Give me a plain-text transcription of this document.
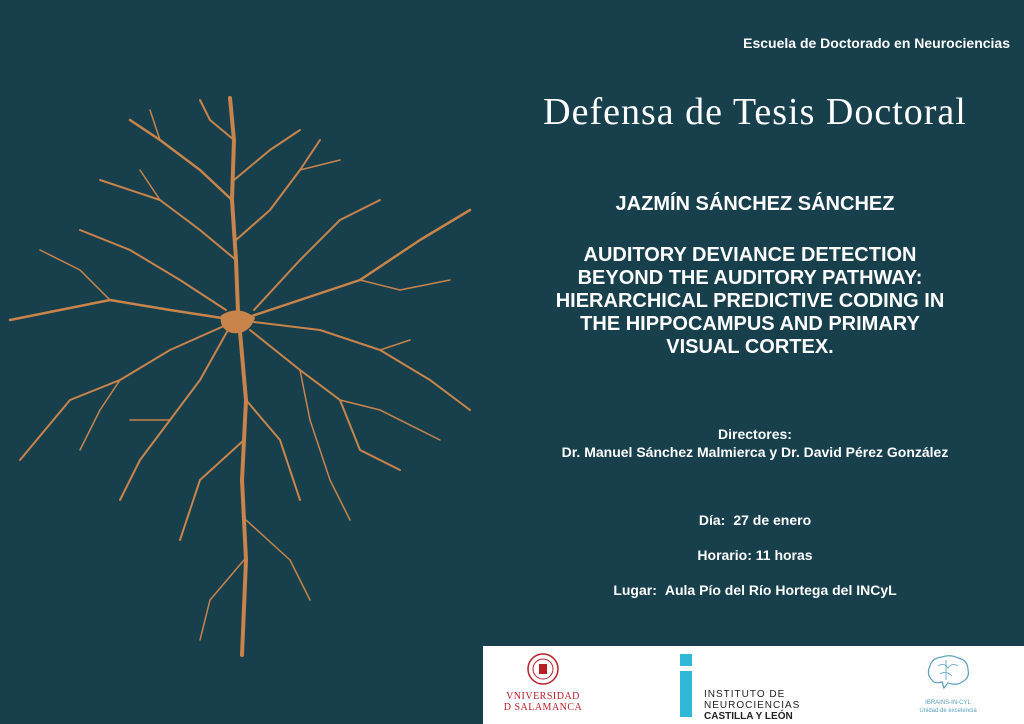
Escuela de Doctorado en Neurociencias
Defensa de Tesis Doctoral
JAZMÍN SÁNCHEZ SÁNCHEZ
AUDITORY DEVIANCE DETECTION
BEYOND THE AUDITORY PATHWAY:
HIERARCHICAL PREDICTIVE CODING IN
THE HIPPOCAMPUS AND PRIMARY
VISUAL CORTEX.
Directores:
Dr. Manuel Sánchez Malmierca y Dr. David Pérez González
Día: 27 de enero
Horario: 11 horas
Lugar: Aula Pío del Río Hortega del INCyL
VNIVERSIDAD
D SALAMANCA
INSTITUTO DE
NEUROCIENCIAS
CASTILLA Y LEÓN
IBRAINS-IN-CYL
Unidad de excelencia
